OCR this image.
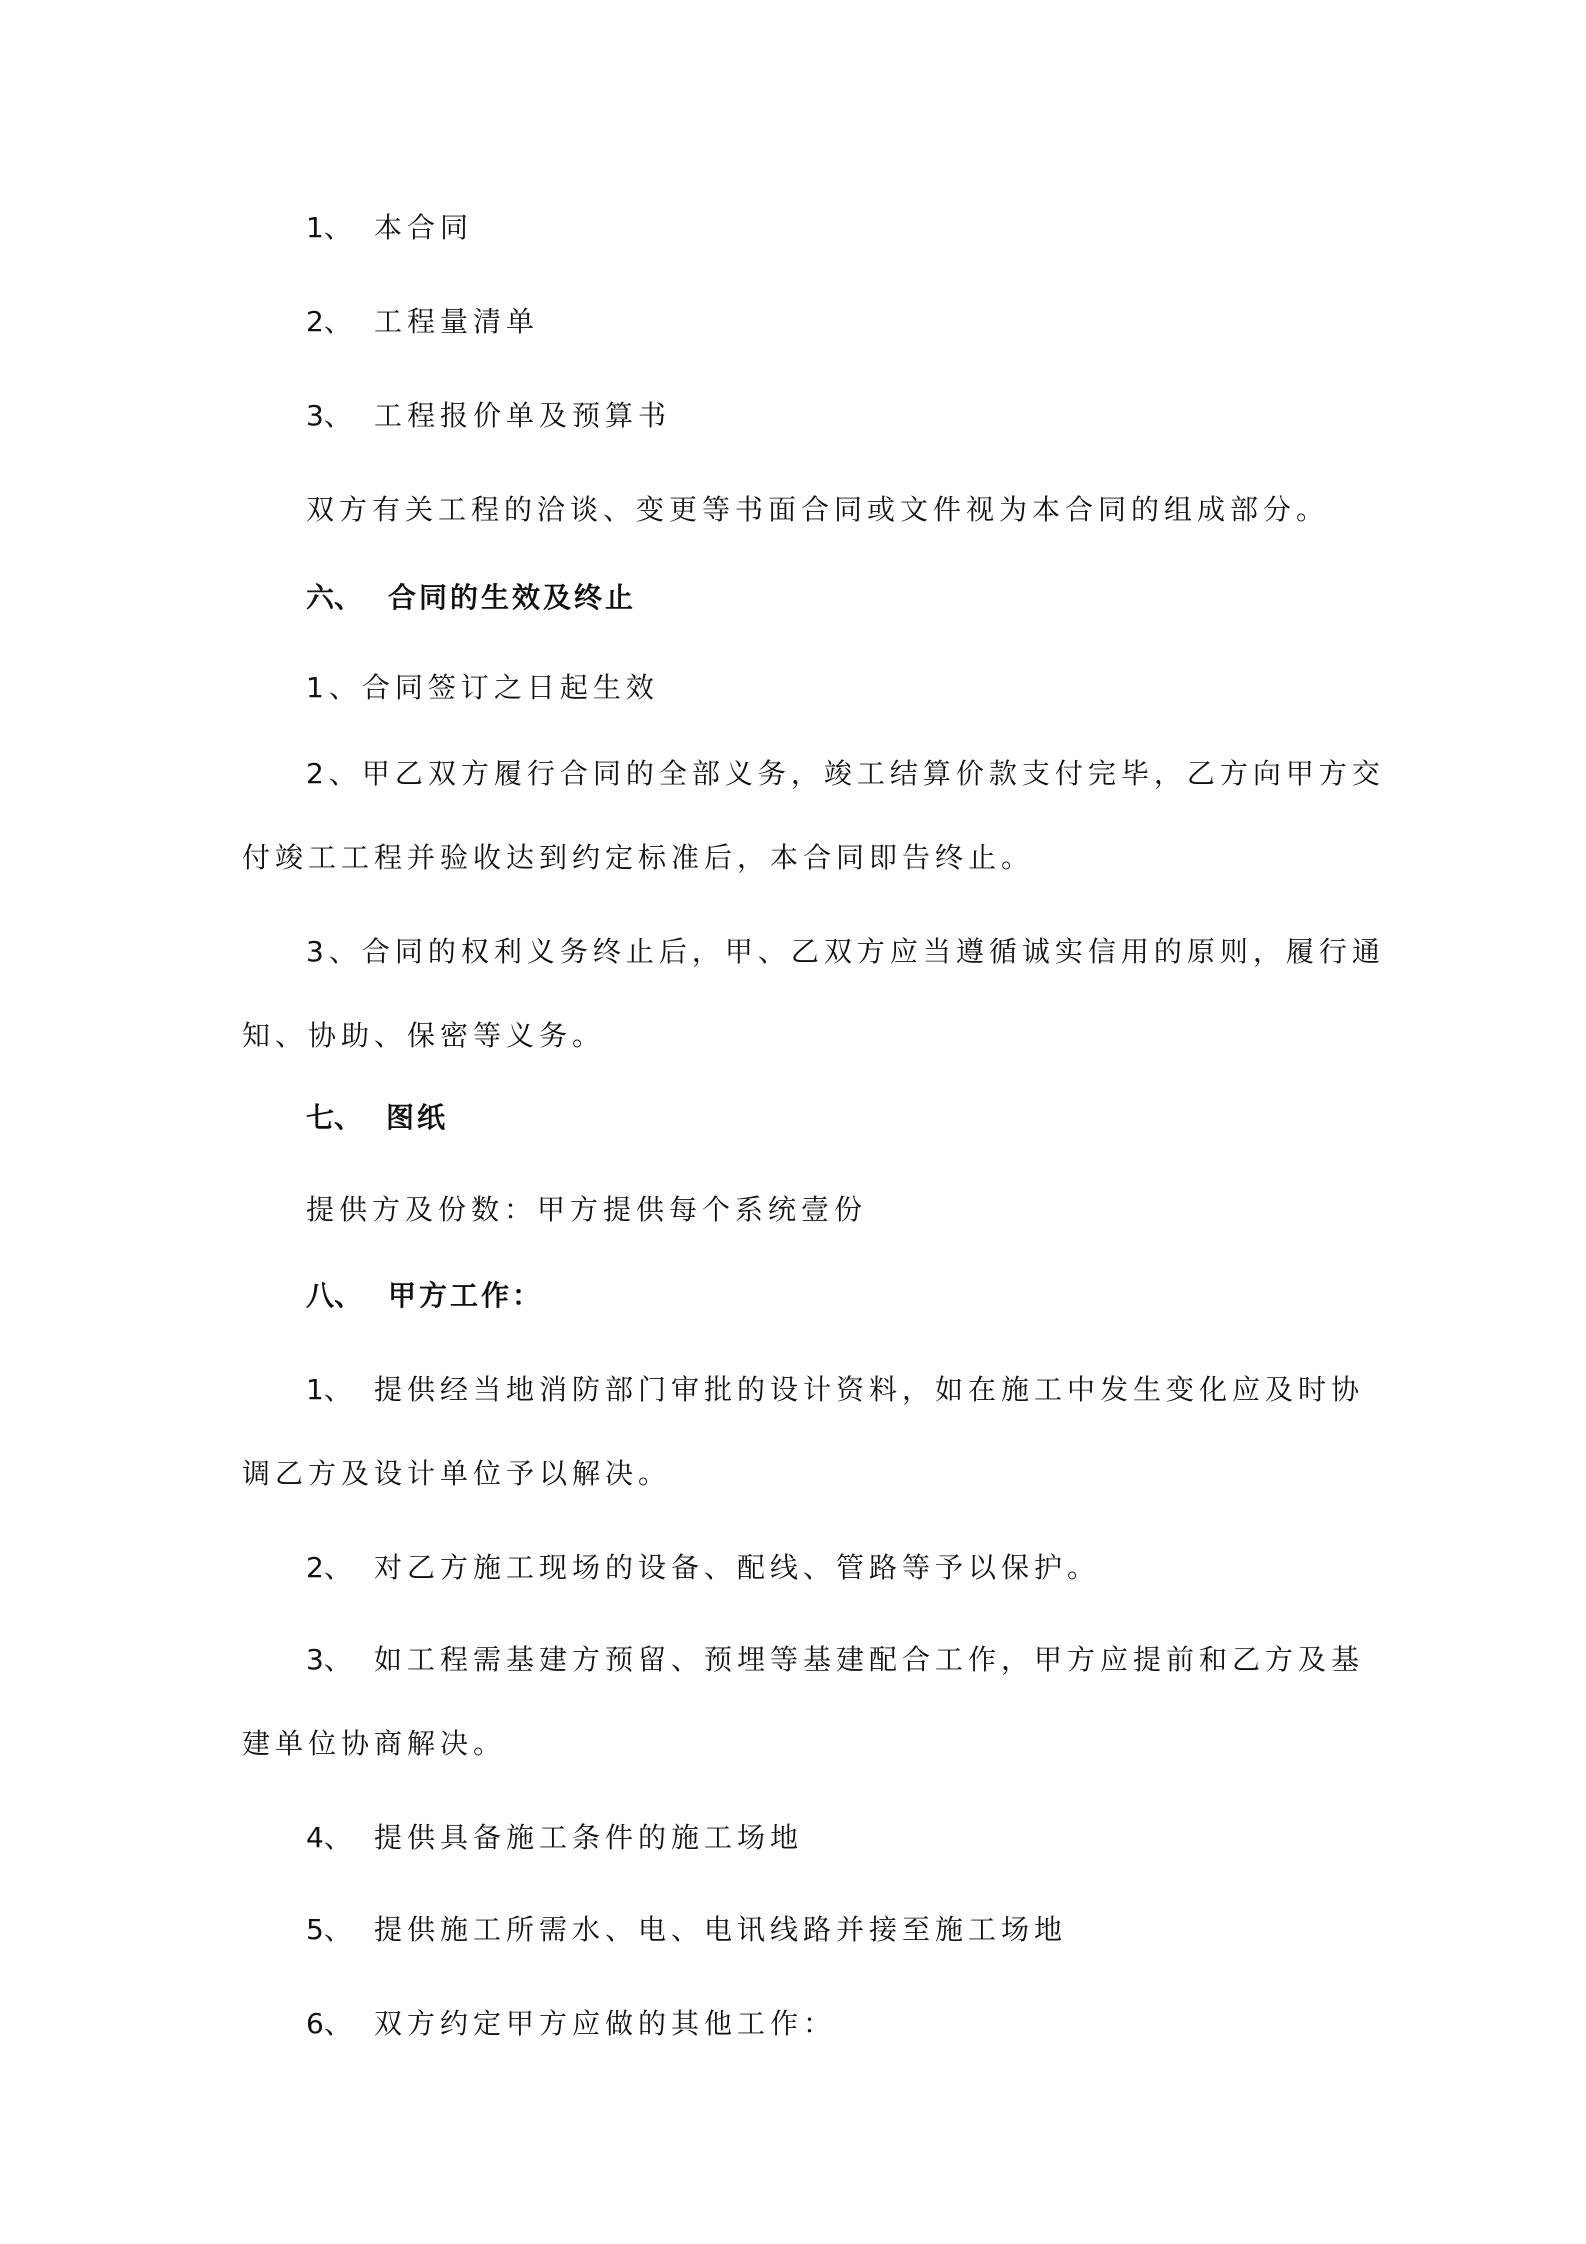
1、 本合同
2、 工程量清单
3、 工程报价单及预算书
双方有关工程的洽谈、变更等书面合同或文件视为本合同的组成部分。
六、 合同的生效及终止
1、合同签订之日起生效
2、甲乙双方履行合同的全部义务，竣工结算价款支付完毕，乙方向甲方交
付竣工工程并验收达到约定标准后，本合同即告终止。
3、合同的权利义务终止后，甲、乙双方应当遵循诚实信用的原则，履行通
知、协助、保密等义务。
七、 图纸
提供方及份数：甲方提供每个系统壹份
八、 甲方工作：
1、 提供经当地消防部门审批的设计资料，如在施工中发生变化应及时协
调乙方及设计单位予以解决。
2、 对乙方施工现场的设备、配线、管路等予以保护。
3、 如工程需基建方预留、预埋等基建配合工作，甲方应提前和乙方及基
建单位协商解决。
4、 提供具备施工条件的施工场地
5、 提供施工所需水、电、电讯线路并接至施工场地
6、 双方约定甲方应做的其他工作：
